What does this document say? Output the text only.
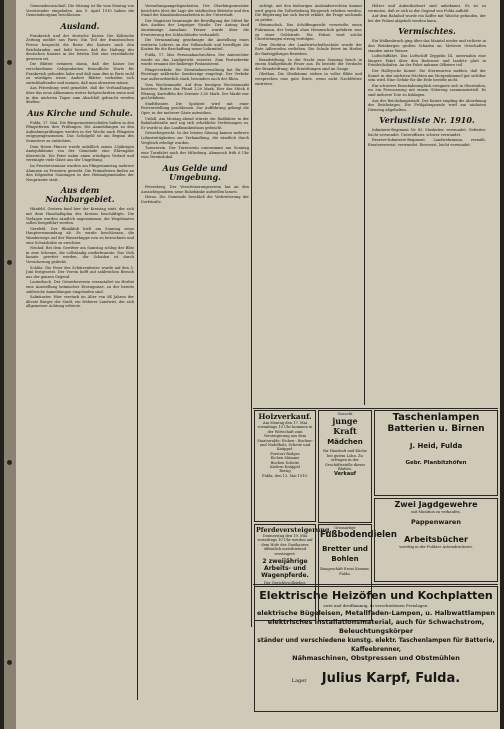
Gemeindeausschuß. Die Sitzung ist für vom Montag von Vorsitzender eingeladen. Am 9. April 1910 haben die Gemeindeorgane beschlossen.

Ausland.

Frankreich und der deutsche Kaiser. Die Kölnische Zeitung meldet aus Paris: Ein Teil der französischen Presse bespricht die Reise des Kaisers nach den Reichslanden und hebt hervor, daß die Haltung des deutschen Kaisers in der letzten Zeit eine versöhnliche gewesen sei.

Die Blätter erinnern daran, daß der Kaiser bei verschiedenen Gelegenheiten freundliche Worte für Frankreich gefunden habe und daß man dies in Paris wohl zu würdigen wisse. Andere Blätter verhalten sich zurückhaltender und meinen, daß man abwarten müsse.

Aus Petersburg wird gemeldet, daß die Verhandlungen über das neue Abkommen weiter fortgeschritten seien und in den nächsten Tagen zum Abschluß gebracht werden dürften.

Aus Kirche und Schule.

Fulda, 17. Mai. Die Bürgermeisterschulen halten in den Pfingstferien ihre Prüfungen. Die Anmeldungen zu den Aufnahmeprüfungen werden in der Woche nach Pfingsten entgegengenommen. Das Schulgeld ist am Beginn des Semesters zu entrichten.

Dem Herrn Pfarrer wurde anläßlich seines 25jährigen Amtsjubiläums von der Gemeinde eine Ehrengabe überreicht. Die Feier nahm einen würdigen Verlauf und vereinigte viele Gäste aus der Umgebung.

Im Priesterseminar wurden am Pfingstsamstag mehrere Alumnen zu Priestern geweiht. Die Primizfeiern finden an den folgenden Sonntagen in den Heimatgemeinden der Neupriester statt.

Aus dem Nachbargebiet.

Hünfeld. Gestern fand hier der Kreistag statt, der sich mit dem Haushaltsplan des Kreises beschäftigte. Die Vorlagen wurden sämtlich angenommen, die Wegebauten sollen fortgeführt werden.

Gersfeld. Der Rhönklub hielt am Sonntag seine Hauptversammlung ab. Es wurde beschlossen, die Wanderwege auf der Wasserkuppe neu zu bezeichnen und eine Schutzhütte zu errichten.

Neuhof. Bei dem Gewitter am Samstag schlug der Blitz in eine Scheune, die vollständig niederbrannte. Das Vieh konnte gerettet werden, der Schaden ist durch Versicherung gedeckt.

Schlitz. Die Feier des Schützenfestes wurde auf den 5. Juni festgesetzt. Der Verein hofft auf zahlreichen Besuch aus der ganzen Gegend.

Lauterbach. Der Gewerbeverein veranstaltet im Herbst eine Ausstellung heimischer Erzeugnisse, zu der bereits zahlreiche Anmeldungen eingelaufen sind.

Salmünster. Hier verstarb im Alter von 84 Jahren der älteste Bürger der Stadt, ein früherer Landwirt, der sich allgemeiner Achtung erfreute.

Verwaltungsangelegenheiten. Der Oberbürgermeister berichtete über die Lage der städtischen Betriebe und den Stand der Kanalisationsarbeiten in der Unterstadt.

Der Magistrat beantragte die Bewilligung der Mittel für den Ausbau der Leipziger Straße. Der Antrag fand einstimmige Annahme. Ferner wurde über die Erweiterung des Schlachthofes verhandelt.

Die Versammlung genehmigte die Anstellung eines weiteren Lehrers an der Volksschule und bewilligte die Kosten für die Beschaffung neuer Lehrmittel.

Fulda, 17. Mai. Personalnachrichten. Der Amtsrichter wurde an das Landgericht versetzt. Zum Postsekretär wurde ernannt der bisherige Postassistent.

Pfingstverkehr. Die Eisenbahnverwaltung hat für die Feiertage zahlreiche Sonderzüge eingelegt. Der Verkehr war außerordentlich stark, besonders nach der Rhön.

Vom Wochenmarkt. Auf dem heutigen Wochenmarkt kosteten: Butter das Pfund 1,20 Mark, Eier das Stück 6 Pfennig, Kartoffeln der Zentner 3,50 Mark. Der Markt war gut befahren.

Stadttheater. Die Spielzeit wird mit einer Festvorstellung geschlossen. Zur Aufführung gelangt die Oper, in der mehrere Gäste mitwirken.

Unfall. Am Montag abend stürzte ein Radfahrer in der Bahnhofstraße und zog sich erhebliche Verletzungen zu. Er wurde in das Landkrankenhaus gebracht.

Gewerbegericht. In der letzten Sitzung kamen mehrere Lohnstreitigkeiten zur Verhandlung, die sämtlich durch Vergleich erledigt wurden.

Turnverein. Der Turnverein unternimmt am Sonntag eine Turnfahrt nach der Milseburg. Abmarsch früh 6 Uhr vom Vereinslokal.

Aus Gelde und Umgebung.

Petersberg. Der Verschönerungsverein hat an den Aussichtspunkten neue Ruhebänke aufstellen lassen.

Horas. Die Gemeinde beschloß die Verbreiterung der Dorfstraße.

sichtigt, mit den bisherigen Auslanderrechten kommt wird gegen die Zollerhebung Einspruch erhoben werden. Die Regierung hat sich bereit erklärt, die Frage nochmals zu prüfen.

Hemmschuh. Das Schöffengericht verurteilte einen Fuhrmann, der bergab ohne Hemmschuh gefahren war, zu einer Geldstrafe. Die Polizei wird solche Übertretungen streng verfolgen.

Dem Direktor der Landwirtschaftsschule wurde der Rote Adlerorden verliehen. Die Schule feiert im Herbst ihr fünfzigjähriges Bestehen.

Brandstiftung. In der Nacht zum Sonntag brach in einem Stallgebäude Feuer aus. Es besteht der Verdacht der Brandstiftung; die Ermittlungen sind im Gange.

Obstbau. Die Obstbäume stehen in voller Blüte und versprechen eine gute Ernte, wenn nicht Nachtfröste eintreten.

Hölzer und Aufenthaltsort sind unbekannt. Es ist zu vermuten, daß er sich in der Gegend von Fulda aufhält.

Auf dem Bahnhof wurde ein Koffer mit Wäsche gefunden, der bei der Polizei abgeholt werden kann.

Vermischtes.

Ein Wolkenbruch ging über das Maintal nieder und richtete in den Weinbergen großen Schaden an. Mehrere Ortschaften standen unter Wasser.

Luftschiffahrt. Das Luftschiff Zeppelin III. unternahm eine längere Fahrt über den Bodensee und landete glatt in Friedrichshafen. An der Fahrt nahmen Offiziere teil.

Der Halleysche Komet. Die Sternwarten melden, daß der Komet in den nächsten Nächten am Morgenhimmel gut sichtbar sein wird. Eine Gefahr für die Erde besteht nicht.

Ein schweres Eisenbahnunglück ereignete sich in Oberitalien, wo ein Personenzug mit einem Güterzug zusammenstieß. Es sind mehrere Tote zu beklagen.

Aus der Reichshauptstadt. Der Kaiser empfing die Abordnung des Reichstages. Die Frühjahrsparade wird am nächsten Dienstag abgehalten.

Verlustliste Nr. 1910.

Infanterie-Regiment Nr. 83. Musketier, verwundet. Gefreiter, leicht verwundet. Unteroffizier, schwer verwundet.

Reserve-Infanterie-Regiment. Landwehrmann, vermißt. Ersatzreservist, verwundet. Reservist, leicht verwundet.

Holzverkauf.
Am Montag den 17. Mai vormittags 10 Uhr kommen in der Wirtschaft zum Versteigerung aus dem Staatswalde: Eichen-, Buchen- und Nadelholz, Scheite und Knüppel.
Forstort Rodges
Eichen Stämme
Buchen Scheite
Kiefern Knüppel
Reisig
Fulda, den 13. Mai 1910.
Pferdeversteigerung.
Donnerstag den 19. Mai vormittags 10 Uhr werden auf dem Hofe des Gasthauses öffentlich meistbietend versteigert:
2 zweijährige Arbeits- und Wagenpferde.
Gesucht
junge Kraft
Mädchen
für Haushalt und Küche bei gutem Lohn. Zu erfragen in der Geschäftsstelle dieses Blattes.
Verkauf
Grossartige
Fußbodendielen
Bretter und Bohlen
Baugeschäft Ernst Kramer, Fulda.
Taschenlampen
Batterien u. Birnen
J. Heid, Fulda
Gebr. Planbitzhöfen
Zwei Jagdgewehre
mit Munition zu verkaufen.
Pappenwaren
Arbeitsbücher
vorrätig in der Fuldaer Actiendruckerei.
Elektrische Heizöfen und Kochplatten
zwei und dreiflammig, in verschiedenen Preislagen.
elektrische Bügeleisen, Metallfaden-Lampen, u. Halbwattlampen
elektrisches Installationsmaterial, auch für Schwachstrom, Beleuchtungskörper
ständer und verschiedene kunstg. elektr. Taschenlampen für Batterie, Kaffeebrenner,
Nähmaschinen, Obstpressen und Obstmühlen
Lager Julius Karpf, Fulda.
